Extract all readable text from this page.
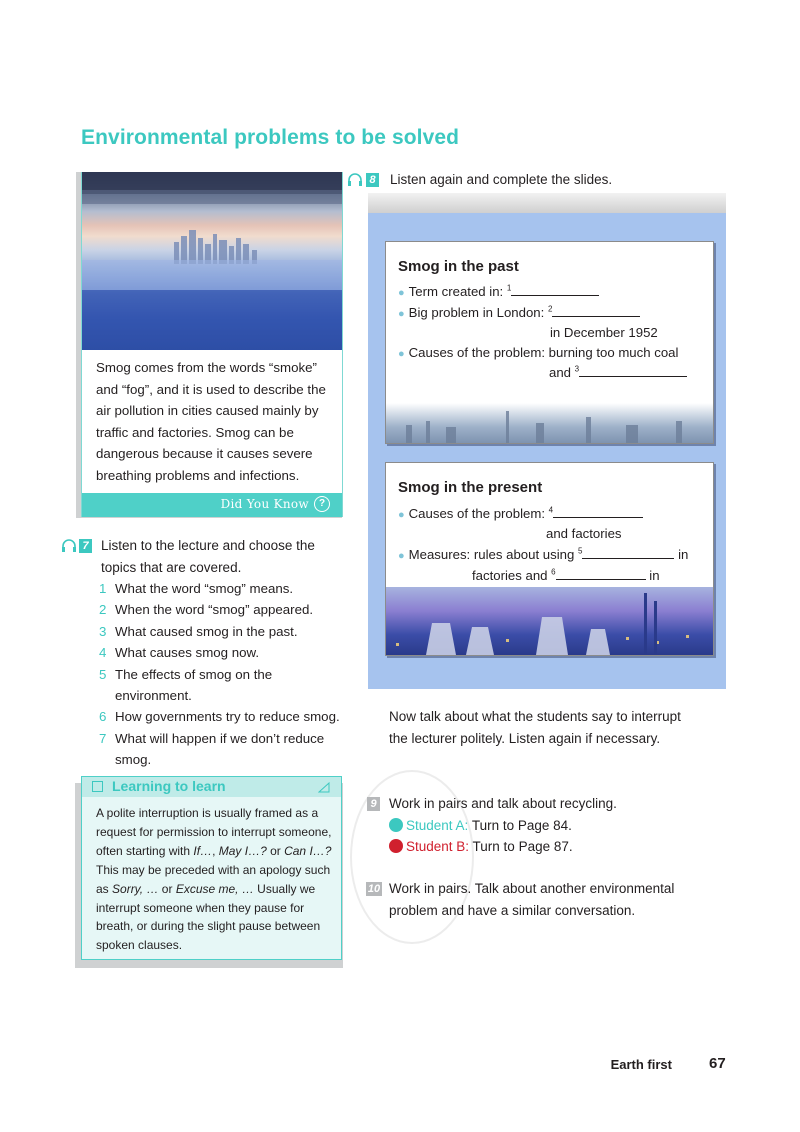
Environmental problems to be solved
Smog comes from the words “smoke” and “fog”, and it is used to describe the air pollution in cities caused mainly by traffic and factories. Smog can be dangerous because it causes severe breathing problems and infections.
Did You Know ?
7 Listen to the lecture and choose the topics that are covered.
1 What the word “smog” means.
2 When the word “smog” appeared.
3 What caused smog in the past.
4 What causes smog now.
5 The effects of smog on the environment.
6 How governments try to reduce smog.
7 What will happen if we don’t reduce smog.
Learning to learn
A polite interruption is usually framed as a request for permission to interrupt someone, often starting with If…, May I…? or Can I…? This may be preceded with an apology such as Sorry, … or Excuse me, … Usually we interrupt someone when they pause for breath, or during the slight pause between spoken clauses.
8 Listen again and complete the slides.
Smog in the past
● Term created in: $^1$
● Big problem in London: $^2$
in December 1952
● Causes of the problem: burning too much coal
and $^3$
Smog in the present
● Causes of the problem: $^4$
and factories
● Measures: rules about using $^5$	in
factories and $^6$	in
Now talk about what the students say to interrupt the lecturer politely. Listen again if necessary.
9 Work in pairs and talk about recycling.
Student A: Turn to Page 84.
Student B: Turn to Page 87.
10 Work in pairs. Talk about another environmental problem and have a similar conversation.
Earth first 67
